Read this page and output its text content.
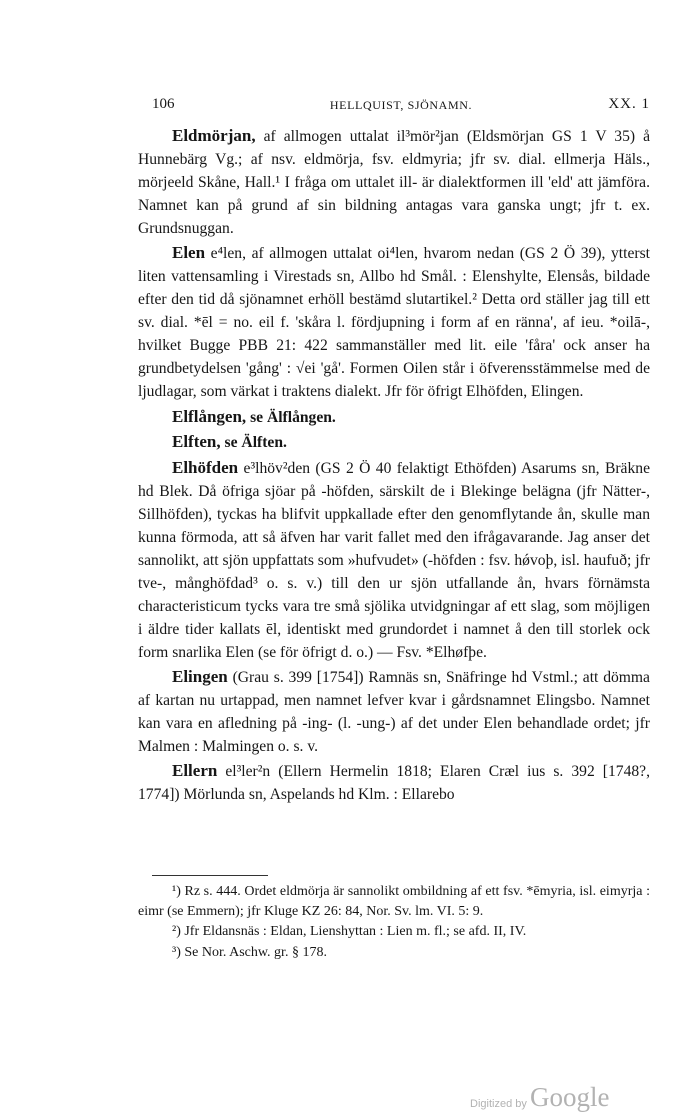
106	HELLQUIST, SJÖNAMN.	XX. 1

Eldmörjan, af allmogen uttalat il³mör²jan (Eldsmörjan GS 1 V 35) å Hunnebärg Vg.; af nsv. eldmörja, fsv. eldmyria; jfr sv. dial. ellmerja Häls., mörjeeld Skåne, Hall.¹ I fråga om uttalet ill- är dialektformen ill 'eld' att jämföra. Namnet kan på grund af sin bildning antagas vara ganska ungt; jfr t. ex. Grundsnuggan.

Elen e⁴len, af allmogen uttalat oi⁴len, hvarom nedan (GS 2 Ö 39), ytterst liten vattensamling i Virestads sn, Allbo hd Smål. : Elenshylte, Elensås, bildade efter den tid då sjönamnet erhöll bestämd slutartikel.² Detta ord ställer jag till ett sv. dial. *ēl = no. eil f. 'skåra l. fördjupning i form af en ränna', af ieu. *oilā-, hvilket Bugge PBB 21: 422 sammanställer med lit. eile 'fåra' ock anser ha grundbetydelsen 'gång' : √ei 'gå'. Formen Oilen står i öfverensstämmelse med de ljudlagar, som värkat i traktens dialekt. Jfr för öfrigt Elhöfden, Elingen.

Elflången, se Älflången.

Elften, se Älften.

Elhöfden e³lhöv²den (GS 2 Ö 40 felaktigt Ethöfden) Asarums sn, Bräkne hd Blek. Då öfriga sjöar på -höfden, särskilt de i Blekinge belägna (jfr Nätter-, Sillhöfden), tyckas ha blifvit uppkallade efter den genomflytande ån, skulle man kunna förmoda, att så äfven har varit fallet med den ifrågavarande. Jag anser det sannolikt, att sjön uppfattats som »hufvudet» (-höfden : fsv. hǿvoþ, isl. haufuð; jfr tve-, månghöfdad³ o. s. v.) till den ur sjön utfallande ån, hvars förnämsta characteristicum tycks vara tre små sjölika utvidgningar af ett slag, som möjligen i äldre tider kallats ēl, identiskt med grundordet i namnet å den till storlek ock form snarlika Elen (se för öfrigt d. o.) — Fsv. *Elhøfþe.

Elingen (Grau s. 399 [1754]) Ramnäs sn, Snäfringe hd Vstml.; att dömma af kartan nu urtappad, men namnet lefver kvar i gårdsnamnet Elingsbo. Namnet kan vara en afledning på -ing- (l. -ung-) af det under Elen behandlade ordet; jfr Malmen : Malmingen o. s. v.

Ellern el³ler²n (Ellern Hermelin 1818; Elaren Cræl ius s. 392 [1748?, 1774]) Mörlunda sn, Aspelands hd Klm. : Ellarebo

¹) Rz s. 444. Ordet eldmörja är sannolikt ombildning af ett fsv. *ēmyria, isl. eimyrja : eimr (se Emmern); jfr Kluge KZ 26: 84, Nor. Sv. lm. VI. 5: 9.

²) Jfr Eldansnäs : Eldan, Lienshyttan : Lien m. fl.; se afd. II, IV.

³) Se Nor. Aschw. gr. § 178.

Digitized by Google
